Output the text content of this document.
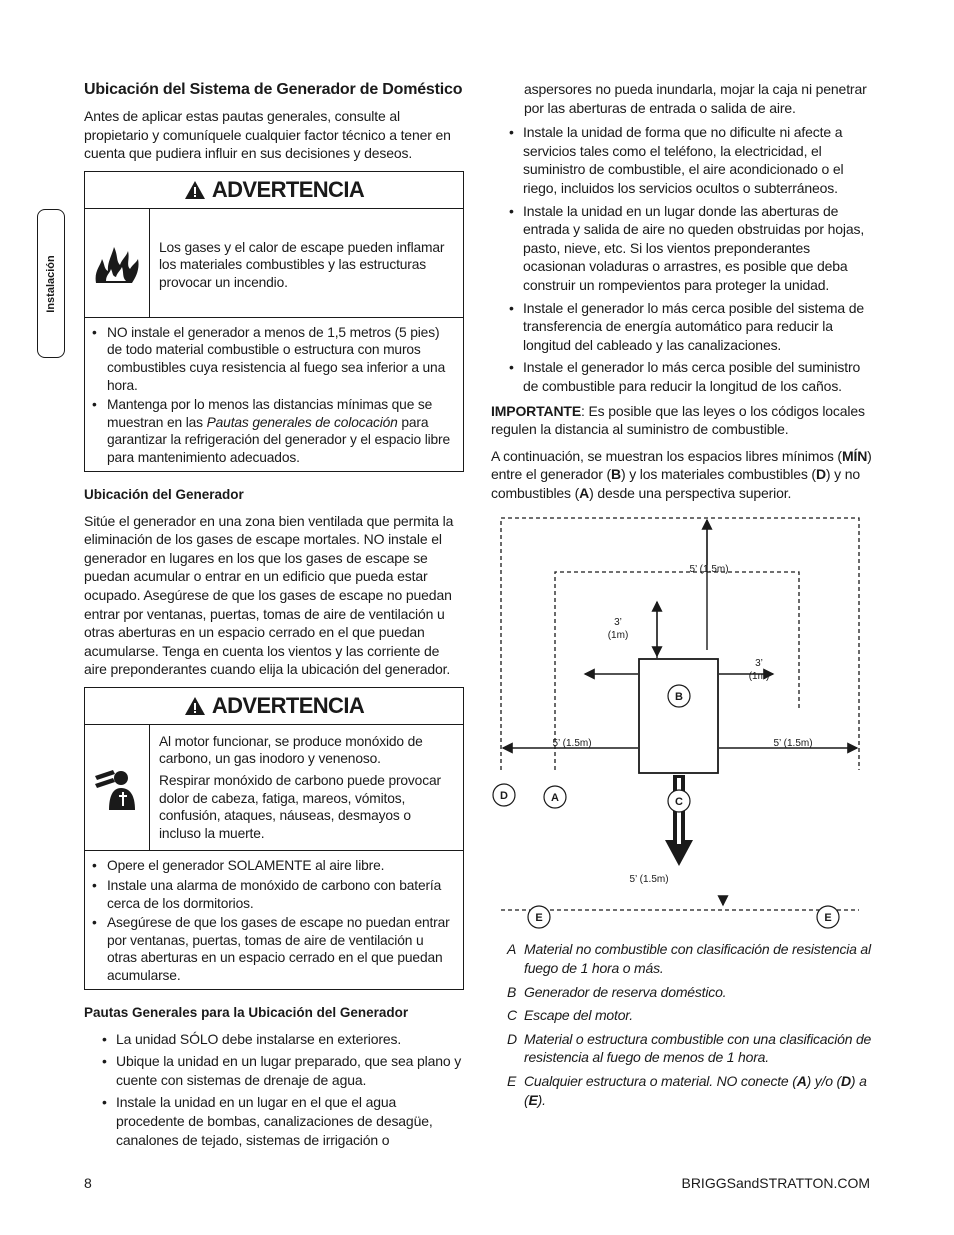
Instalación
Ubicación del Sistema de Generador de Doméstico

Antes de aplicar estas pautas generales, consulte al propietario y comuníquele cualquier factor técnico a tener en cuenta que pudiera influir en sus decisiones y deseos.

ADVERTENCIA

Los gases y el calor de escape pueden inflamar los materiales combustibles y las estructuras provocar un incendio.

• NO instale el generador a menos de 1,5 metros (5 pies) de todo material combustible o estructura con muros combustibles cuya resistencia al fuego sea inferior a una hora.
• Mantenga por lo menos las distancias mínimas que se muestran en las Pautas generales de colocación para garantizar la refrigeración del generador y el espacio libre para mantenimiento adecuados.
Ubicación del Generador

Sitúe el generador en una zona bien ventilada que permita la eliminación de los gases de escape mortales. NO instale el generador en lugares en los que los gases de escape se puedan acumular o entrar en un edificio que pueda estar ocupado. Asegúrese de que los gases de escape no puedan entrar por ventanas, puertas, tomas de aire de ventilación u otras aberturas en un espacio cerrado en el que puedan acumularse. Tenga en cuenta los vientos y las corriente de aire preponderantes cuando elija la ubicación del generador.

ADVERTENCIA

Al motor funcionar, se produce monóxido de carbono, un gas inodoro y venenoso.

Respirar monóxido de carbono puede provocar dolor de cabeza, fatiga, mareos, vómitos, confusión, ataques, náuseas, desmayos o incluso la muerte.

• Opere el generador SOLAMENTE al aire libre.
• Instale una alarma de monóxido de carbono con batería cerca de los dormitorios.
• Asegúrese de que los gases de escape no puedan entrar por ventanas, puertas, tomas de aire de ventilación u otras aberturas en un espacio cerrado en el que puedan acumularse.
Pautas Generales para la Ubicación del Generador
• La unidad SÓLO debe instalarse en exteriores.
• Ubique la unidad en un lugar preparado, que sea plano y cuente con sistemas de drenaje de agua.
• Instale la unidad en un lugar en el que el agua procedente de bombas, canalizaciones de desagüe, canalones de tejado, sistemas de irrigación o

aspersores no pueda inundarla, mojar la caja ni penetrar por las aberturas de entrada o salida de aire.

• Instale la unidad de forma que no dificulte ni afecte a servicios tales como el teléfono, la electricidad, el suministro de combustible, el aire acondicionado o el riego, incluidos los servicios ocultos o subterráneos.
• Instale la unidad en un lugar donde las aberturas de entrada y salida de aire no queden obstruidas por hojas, pasto, nieve, etc. Si los vientos preponderantes ocasionan voladuras o arrastres, es posible que deba construir un rompevientos para proteger la unidad.
• Instale el generador lo más cerca posible del sistema de transferencia de energía automático para reducir la longitud del cableado y las canalizaciones.
• Instale el generador lo más cerca posible del suministro de combustible para reducir la longitud de los caños.

IMPORTANTE: Es posible que las leyes o los códigos locales regulen la distancia al suministro de combustible.

A continuación, se muestran los espacios libres mínimos (MÍN) entre el generador (B) y los materiales combustibles (D) y no combustibles (A) desde una perspectiva superior.

5’ (1.5m)
3’
(1m)
3’
(1m)
5’ (1.5m)	5’ (1.5m)
5’ (1.5m)
B
C
D	A
E	E
A Material no combustible con clasificación de resistencia al fuego de 1 hora o más.
B Generador de reserva doméstico.
C Escape del motor.
D Material o estructura combustible con una clasificación de resistencia al fuego de menos de 1 hora.
E Cualquier estructura o material. NO conecte (A) y/o (D) a (E).
8	BRIGGSandSTRATTON.COM
